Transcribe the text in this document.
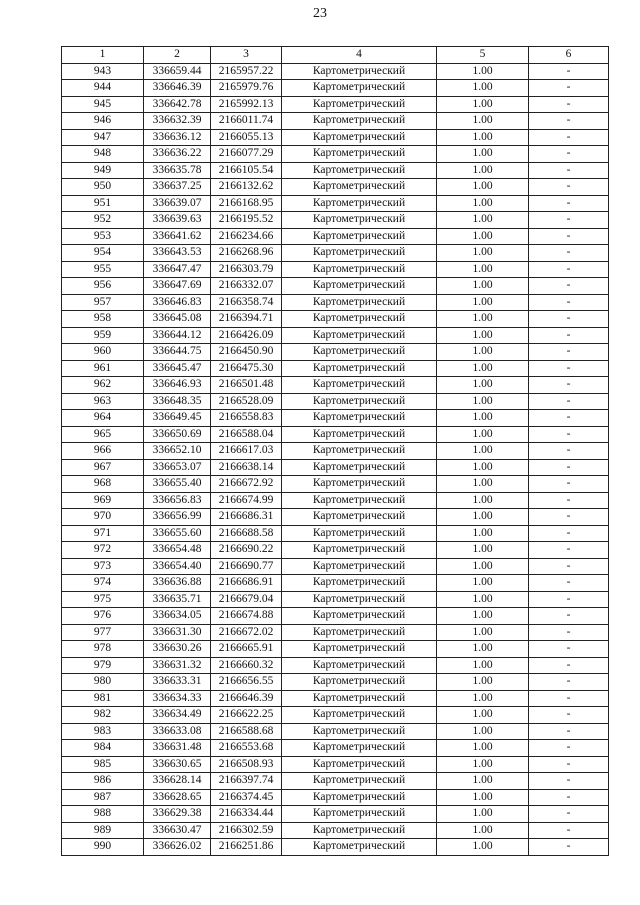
23
1	2	3	4	5	6
943	336659.44	2165957.22	Картометрический	1.00	-
944	336646.39	2165979.76	Картометрический	1.00	-
945	336642.78	2165992.13	Картометрический	1.00	-
946	336632.39	2166011.74	Картометрический	1.00	-
947	336636.12	2166055.13	Картометрический	1.00	-
948	336636.22	2166077.29	Картометрический	1.00	-
949	336635.78	2166105.54	Картометрический	1.00	-
950	336637.25	2166132.62	Картометрический	1.00	-
951	336639.07	2166168.95	Картометрический	1.00	-
952	336639.63	2166195.52	Картометрический	1.00	-
953	336641.62	2166234.66	Картометрический	1.00	-
954	336643.53	2166268.96	Картометрический	1.00	-
955	336647.47	2166303.79	Картометрический	1.00	-
956	336647.69	2166332.07	Картометрический	1.00	-
957	336646.83	2166358.74	Картометрический	1.00	-
958	336645.08	2166394.71	Картометрический	1.00	-
959	336644.12	2166426.09	Картометрический	1.00	-
960	336644.75	2166450.90	Картометрический	1.00	-
961	336645.47	2166475.30	Картометрический	1.00	-
962	336646.93	2166501.48	Картометрический	1.00	-
963	336648.35	2166528.09	Картометрический	1.00	-
964	336649.45	2166558.83	Картометрический	1.00	-
965	336650.69	2166588.04	Картометрический	1.00	-
966	336652.10	2166617.03	Картометрический	1.00	-
967	336653.07	2166638.14	Картометрический	1.00	-
968	336655.40	2166672.92	Картометрический	1.00	-
969	336656.83	2166674.99	Картометрический	1.00	-
970	336656.99	2166686.31	Картометрический	1.00	-
971	336655.60	2166688.58	Картометрический	1.00	-
972	336654.48	2166690.22	Картометрический	1.00	-
973	336654.40	2166690.77	Картометрический	1.00	-
974	336636.88	2166686.91	Картометрический	1.00	-
975	336635.71	2166679.04	Картометрический	1.00	-
976	336634.05	2166674.88	Картометрический	1.00	-
977	336631.30	2166672.02	Картометрический	1.00	-
978	336630.26	2166665.91	Картометрический	1.00	-
979	336631.32	2166660.32	Картометрический	1.00	-
980	336633.31	2166656.55	Картометрический	1.00	-
981	336634.33	2166646.39	Картометрический	1.00	-
982	336634.49	2166622.25	Картометрический	1.00	-
983	336633.08	2166588.68	Картометрический	1.00	-
984	336631.48	2166553.68	Картометрический	1.00	-
985	336630.65	2166508.93	Картометрический	1.00	-
986	336628.14	2166397.74	Картометрический	1.00	-
987	336628.65	2166374.45	Картометрический	1.00	-
988	336629.38	2166334.44	Картометрический	1.00	-
989	336630.47	2166302.59	Картометрический	1.00	-
990	336626.02	2166251.86	Картометрический	1.00	-
